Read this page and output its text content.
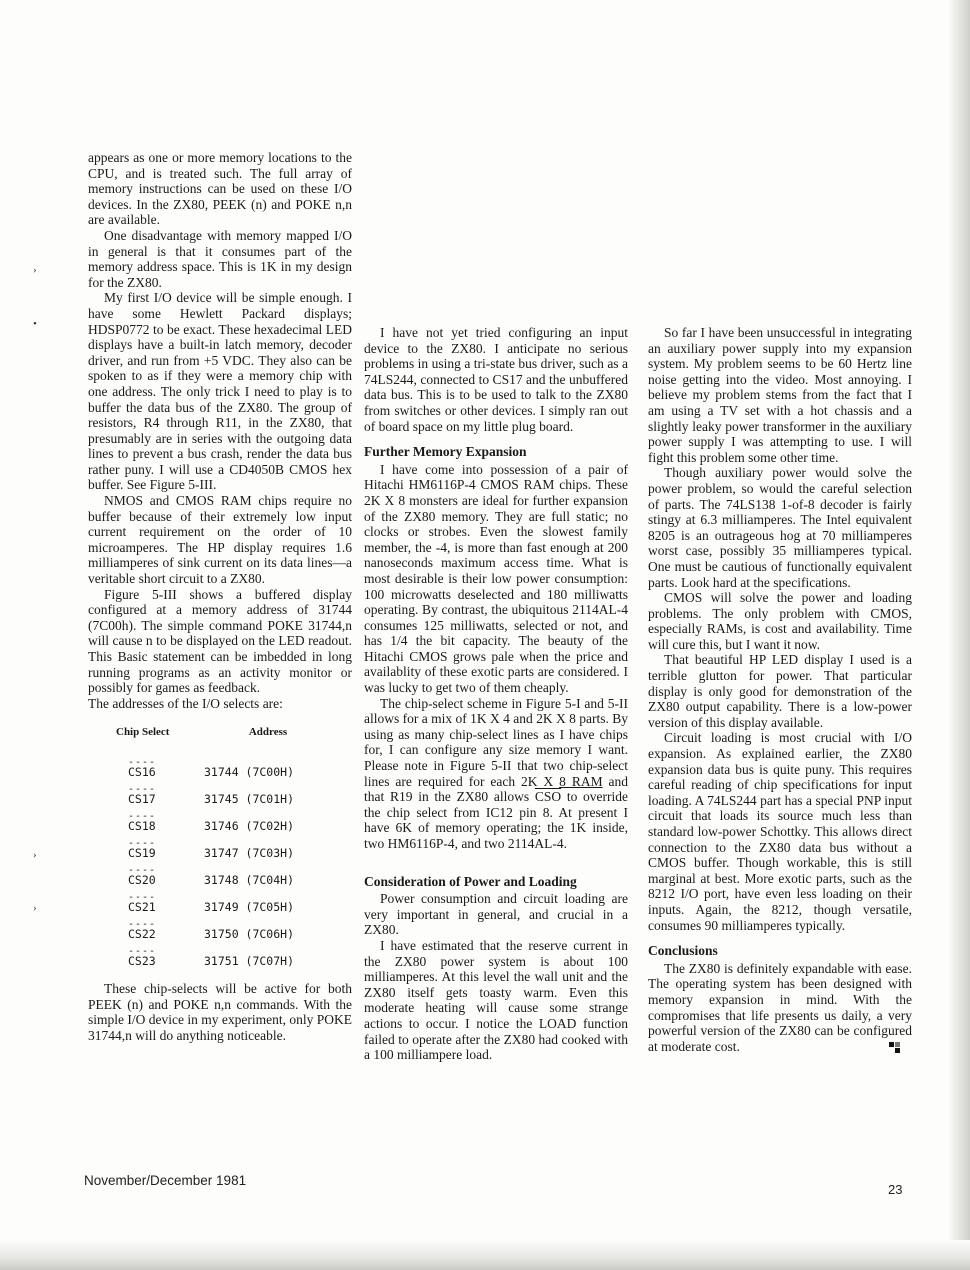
›
•
›
›

appears as one or more memory locations to the CPU, and is treated such. The full array of memory instructions can be used on these I/O devices. In the ZX80, PEEK (n) and POKE n,n are available.

One disadvantage with memory mapped I/O in general is that it consumes part of the memory address space. This is 1K in my design for the ZX80.

My first I/O device will be simple enough. I have some Hewlett Packard displays; HDSP0772 to be exact. These hexadecimal LED displays have a built-in latch memory, decoder driver, and run from +5 VDC. They also can be spoken to as if they were a memory chip with one address. The only trick I need to play is to buffer the data bus of the ZX80. The group of resistors, R4 through R11, in the ZX80, that presumably are in series with the outgoing data lines to prevent a bus crash, render the data bus rather puny. I will use a CD4050B CMOS hex buffer. See Figure 5-III.

NMOS and CMOS RAM chips require no buffer because of their extremely low input current requirement on the order of 10 microamperes. The HP display requires 1.6 milliamperes of sink current on its data lines—a veritable short circuit to a ZX80.

Figure 5-III shows a buffered display configured at a memory address of 31744 (7C00h). The simple command POKE 31744,n will cause n to be displayed on the LED readout. This Basic statement can be imbedded in long running programs as an activity monitor or possibly for games as feedback.

The addresses of the I/O selects are:

Chip Select	Address
----
CS16	31744 (7C00H)
----
CS17	31745 (7C01H)
----
CS18	31746 (7C02H)
----
CS19	31747 (7C03H)
----
CS20	31748 (7C04H)
----
CS21	31749 (7C05H)
----
CS22	31750 (7C06H)
----
CS23	31751 (7C07H)

These chip-selects will be active for both PEEK (n) and POKE n,n commands. With the simple I/O device in my experiment, only POKE 31744,n will do anything noticeable.

I have not yet tried configuring an input device to the ZX80. I anticipate no serious problems in using a tri-state bus driver, such as a 74LS244, connected to CS17 and the unbuffered data bus. This is to be used to talk to the ZX80 from switches or other devices. I simply ran out of board space on my little plug board.

Further Memory Expansion

I have come into possession of a pair of Hitachi HM6116P-4 CMOS RAM chips. These 2K X 8 monsters are ideal for further expansion of the ZX80 memory. They are full static; no clocks or strobes. Even the slowest family member, the -4, is more than fast enough at 200 nanoseconds maximum access time. What is most desirable is their low power consumption: 100 microwatts deselected and 180 milliwatts operating. By contrast, the ubiquitous 2114AL-4 consumes 125 milliwatts, selected or not, and has 1/4 the bit capacity. The beauty of the Hitachi CMOS grows pale when the price and availablity of these exotic parts are considered. I was lucky to get two of them cheaply.

The chip-select scheme in Figure 5-I and 5-II allows for a mix of 1K X 4 and 2K X 8 parts. By using as many chip-select lines as I have chips for, I can configure any size memory I want. Please note in Figure 5-II that two chip-select lines are required for each 2K X 8 RAM and that R19 in the ZX80 allows $\overline{CSO}$ to override the chip select from IC12 pin 8. At present I have 6K of memory operating; the 1K inside, two HM6116P-4, and two 2114AL-4.

Consideration of Power and Loading

Power consumption and circuit loading are very important in general, and crucial in a ZX80.

I have estimated that the reserve current in the ZX80 power system is about 100 milliamperes. At this level the wall unit and the ZX80 itself gets toasty warm. Even this moderate heating will cause some strange actions to occur. I notice the LOAD function failed to operate after the ZX80 had cooked with a 100 milliampere load.

So far I have been unsuccessful in integrating an auxiliary power supply into my expansion system. My problem seems to be 60 Hertz line noise getting into the video. Most annoying. I believe my problem stems from the fact that I am using a TV set with a hot chassis and a slightly leaky power transformer in the auxiliary power supply I was attempting to use. I will fight this problem some other time.

Though auxiliary power would solve the power problem, so would the careful selection of parts. The 74LS138 1-of-8 decoder is fairly stingy at 6.3 milliamperes. The Intel equivalent 8205 is an outrageous hog at 70 milliamperes worst case, possibly 35 milliamperes typical. One must be cautious of functionally equivalent parts. Look hard at the specifications.

CMOS will solve the power and loading problems. The only problem with CMOS, especially RAMs, is cost and availability. Time will cure this, but I want it now.

That beautiful HP LED display I used is a terrible glutton for power. That particular display is only good for demonstration of the ZX80 output capability. There is a low-power version of this display available.

Circuit loading is most crucial with I/O expansion. As explained earlier, the ZX80 expansion data bus is quite puny. This requires careful reading of chip specifications for input loading. A 74LS244 part has a special PNP input circuit that loads its source much less than standard low-power Schottky. This allows direct connection to the ZX80 data bus without a CMOS buffer. Though workable, this is still marginal at best. More exotic parts, such as the 8212 I/O port, have even less loading on their inputs. Again, the 8212, though versatile, consumes 90 milliamperes typically.

Conclusions

The ZX80 is definitely expandable with ease. The operating system has been designed with memory expansion in mind. With the compromises that life presents us daily, a very powerful version of the ZX80 can be configured at moderate cost.

November/December 1981
23
